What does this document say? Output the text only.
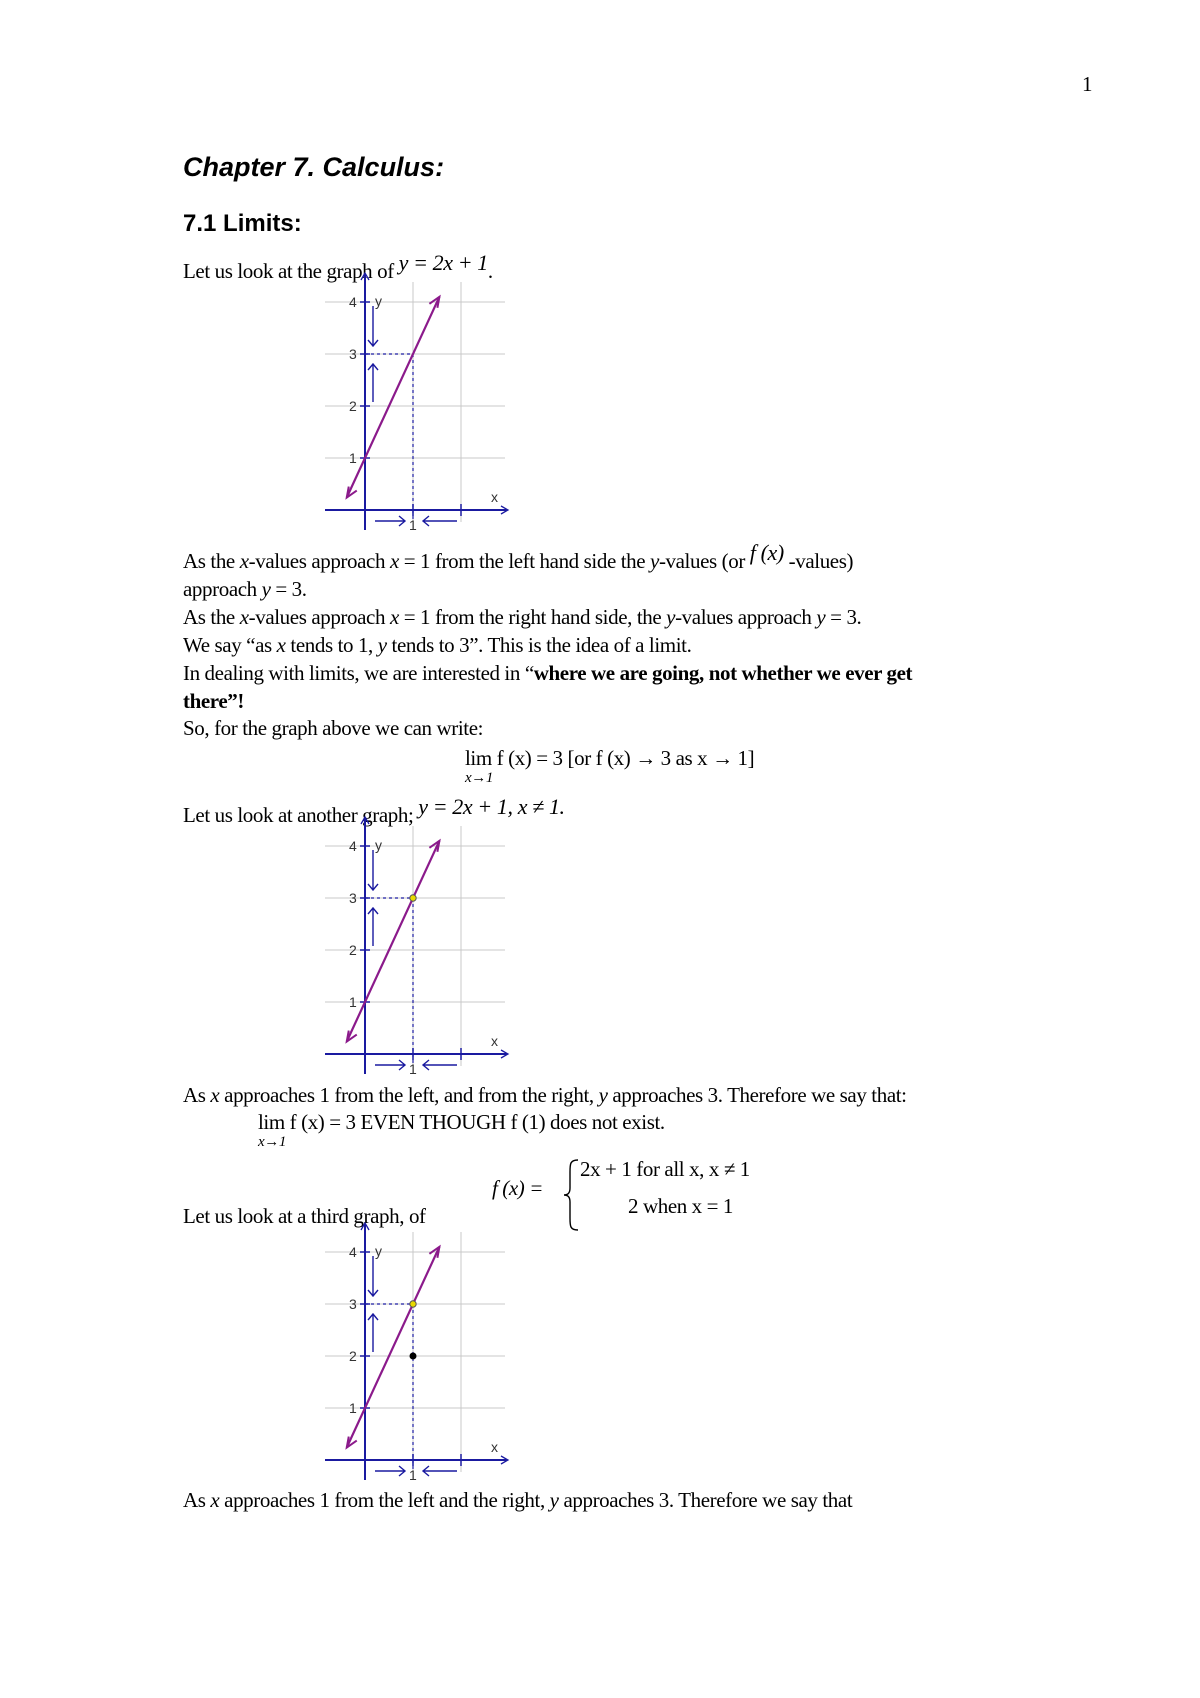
1
Chapter 7. Calculus:
7.1 Limits:
Let us look at the graph of y = 2x + 1.
1
2
3
4
1
y
x
As the x-values approach x = 1 from the left hand side the y-values (or f (x) -values)
approach y = 3.
As the x-values approach x = 1 from the right hand side, the y-values approach y = 3.
We say “as x tends to 1, y tends to 3”. This is the idea of a limit.
In dealing with limits, we are interested in “where we are going, not whether we ever get
there”!
So, for the graph above we can write:
lim
x→1
f (x) = 3 [or f (x) → 3 as x → 1]
Let us look at another graph; y = 2x + 1, x ≠ 1.
1
2
3
4
1
y
x
As x approaches 1 from the left, and from the right, y approaches 3. Therefore we say that:
lim
x→1
f (x) = 3 EVEN THOUGH f (1) does not exist.
f (x) =
2x + 1 for all x, x ≠ 1
2 when x = 1
Let us look at a third graph, of
1
2
3
4
1
y
x
As x approaches 1 from the left and the right, y approaches 3. Therefore we say that
